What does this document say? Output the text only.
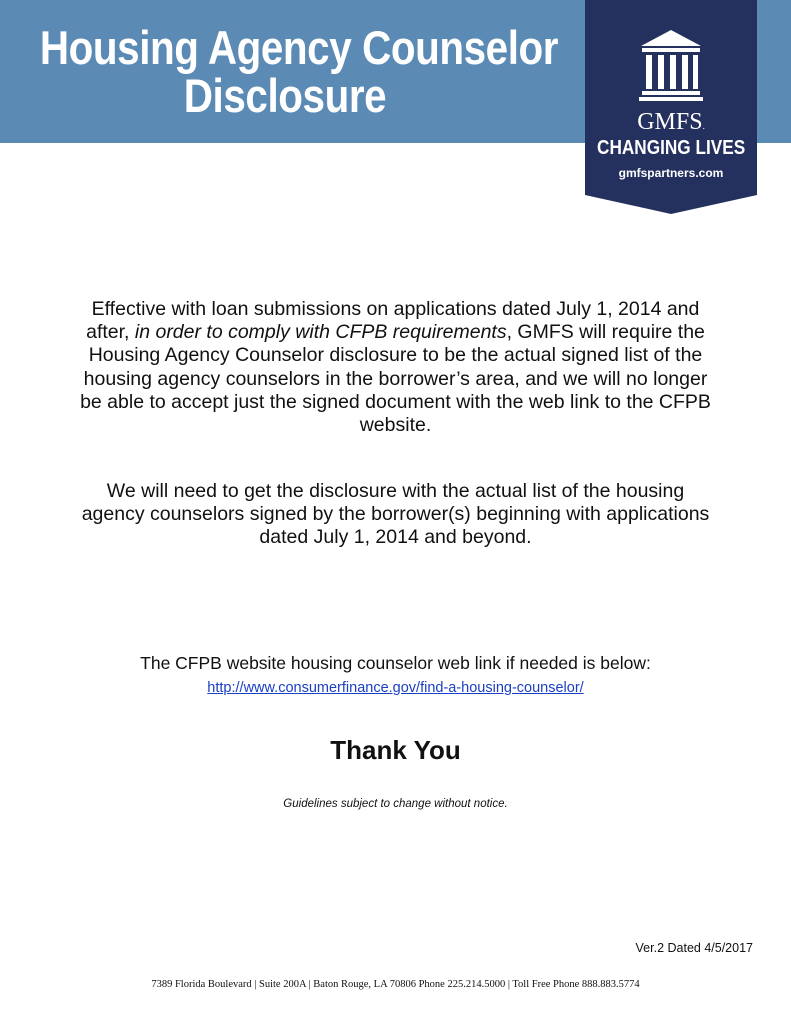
Housing Agency Counselor
Disclosure	GMFS.
CHANGING LIVES
gmfspartners.com
Effective with loan submissions on applications dated July 1, 2014 and after, in order to comply with CFPB requirements, GMFS will require the Housing Agency Counselor disclosure to be the actual signed list of the housing agency counselors in the borrower’s area, and we will no longer be able to accept just the signed document with the web link to the CFPB website.
We will need to get the disclosure with the actual list of the housing agency counselors signed by the borrower(s) beginning with applications dated July 1, 2014 and beyond.
The CFPB website housing counselor web link if needed is below:
http://www.consumerfinance.gov/find-a-housing-counselor/
Thank You
Guidelines subject to change without notice.
Ver.2 Dated 4/5/2017
7389 Florida Boulevard | Suite 200A | Baton Rouge, LA 70806 Phone 225.214.5000 | Toll Free Phone 888.883.5774
